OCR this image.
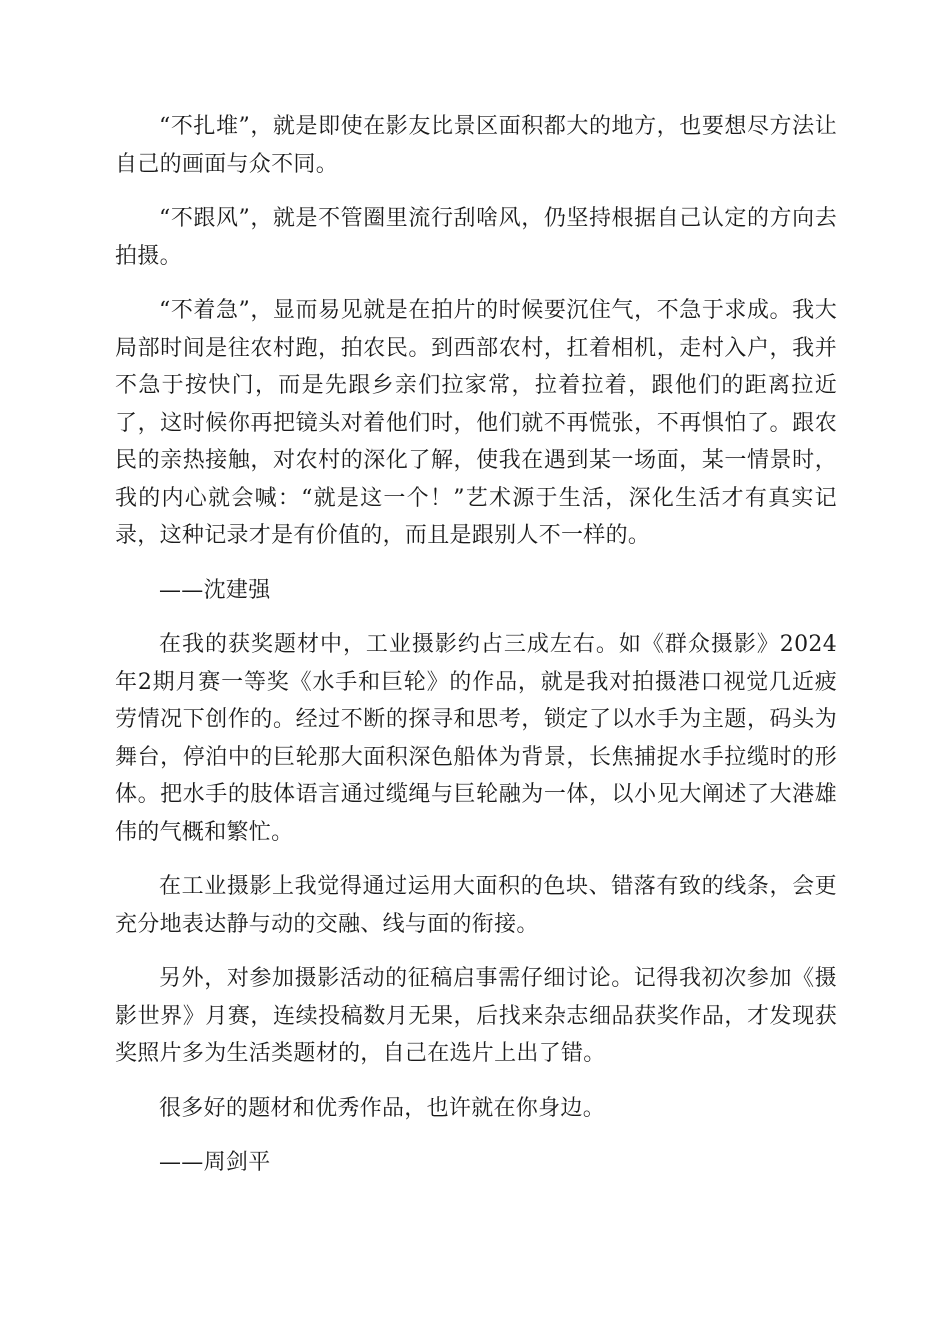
“不扎堆”，就是即使在影友比景区面积都大的地方，也要想尽方法让自己的画面与众不同。

“不跟风”，就是不管圈里流行刮啥风，仍坚持根据自己认定的方向去拍摄。

“不着急”，显而易见就是在拍片的时候要沉住气，不急于求成。我大局部时间是往农村跑，拍农民。到西部农村，扛着相机，走村入户，我并不急于按快门，而是先跟乡亲们拉家常，拉着拉着，跟他们的距离拉近了，这时候你再把镜头对着他们时，他们就不再慌张，不再惧怕了。跟农民的亲热接触，对农村的深化了解，使我在遇到某一场面，某一情景时，我的内心就会喊：“就是这一个！”艺术源于生活，深化生活才有真实记录，这种记录才是有价值的，而且是跟别人不一样的。

——沈建强

在我的获奖题材中，工业摄影约占三成左右。如《群众摄影》2024年2期月赛一等奖《水手和巨轮》的作品，就是我对拍摄港口视觉几近疲劳情况下创作的。经过不断的探寻和思考，锁定了以水手为主题，码头为舞台，停泊中的巨轮那大面积深色船体为背景，长焦捕捉水手拉缆时的形体。把水手的肢体语言通过缆绳与巨轮融为一体，以小见大阐述了大港雄伟的气概和繁忙。

在工业摄影上我觉得通过运用大面积的色块、错落有致的线条，会更充分地表达静与动的交融、线与面的衔接。

另外，对参加摄影活动的征稿启事需仔细讨论。记得我初次参加《摄影世界》月赛，连续投稿数月无果，后找来杂志细品获奖作品，才发现获奖照片多为生活类题材的，自己在选片上出了错。

很多好的题材和优秀作品，也许就在你身边。

——周剑平
